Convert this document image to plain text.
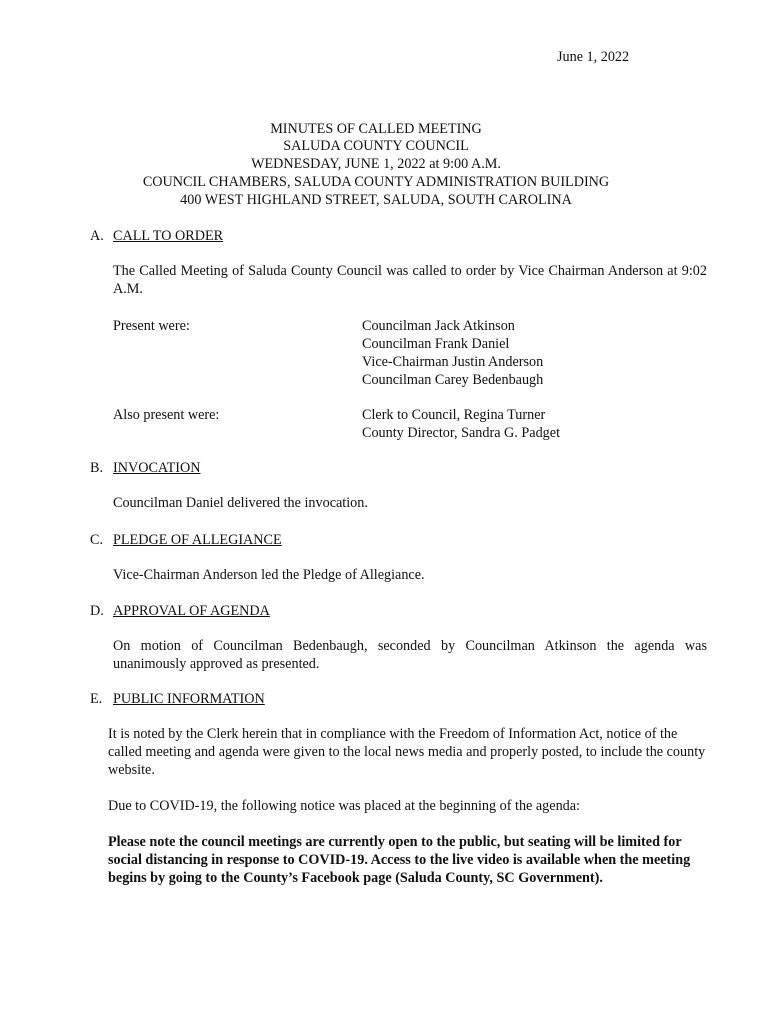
June 1, 2022

MINUTES OF CALLED MEETING

SALUDA COUNTY COUNCIL

WEDNESDAY, JUNE 1, 2022 at 9:00 A.M.

COUNCIL CHAMBERS, SALUDA COUNTY ADMINISTRATION BUILDING

400 WEST HIGHLAND STREET, SALUDA, SOUTH CAROLINA

A. CALL TO ORDER

The Called Meeting of Saluda County Council was called to order by Vice Chairman Anderson at 9:02 A.M.

Present were:	Councilman Jack Atkinson
Councilman Frank Daniel
Vice-Chairman Justin Anderson
Councilman Carey Bedenbaugh

Also present were:	Clerk to Council, Regina Turner
County Director, Sandra G. Padget

B. INVOCATION

Councilman Daniel delivered the invocation.

C. PLEDGE OF ALLEGIANCE

Vice-Chairman Anderson led the Pledge of Allegiance.

D. APPROVAL OF AGENDA

On motion of Councilman Bedenbaugh, seconded by Councilman Atkinson the agenda was unanimously approved as presented.

E. PUBLIC INFORMATION

It is noted by the Clerk herein that in compliance with the Freedom of Information Act, notice of the called meeting and agenda were given to the local news media and properly posted, to include the county website.

Due to COVID-19, the following notice was placed at the beginning of the agenda:

Please note the council meetings are currently open to the public, but seating will be limited for social distancing in response to COVID-19. Access to the live video is available when the meeting begins by going to the County’s Facebook page (Saluda County, SC Government).
